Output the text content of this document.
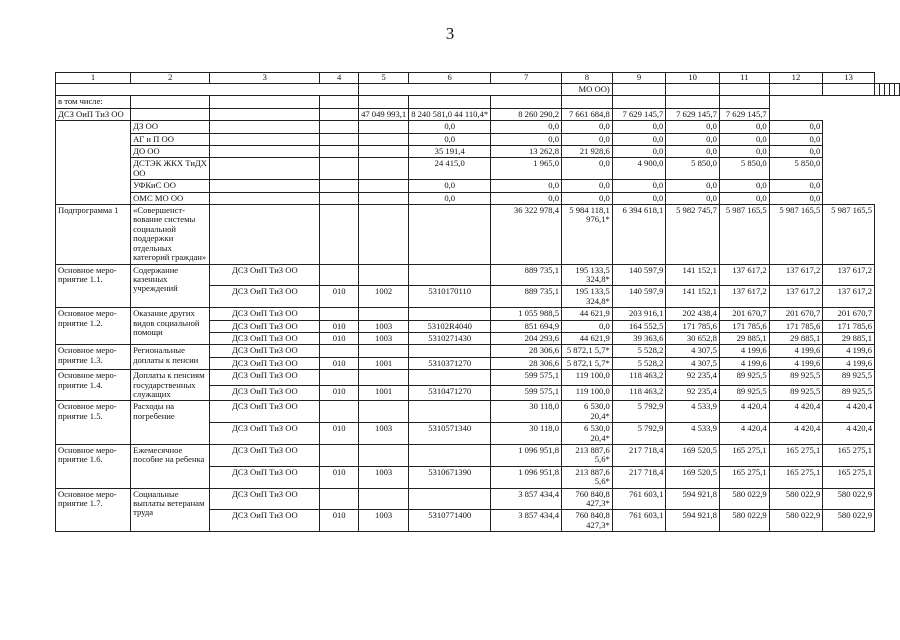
3
1	2	3	4	5	6	7	8	9	10	11	12	13					
							МО ОО)										
в том числе:																	
ДСЗ ОиП ТиЗ ОО				47 049 993,1	8 240 581,0 44 110,4*	8 260 290,2	7 661 684,8	7 629 145,7	7 629 145,7	7 629 145,7							
	ДЗ ОО				0,0	0,0	0,0	0,0	0,0	0,0	0,0						
	АГ и П ОО				0,0	0,0	0,0	0,0	0,0	0,0	0,0						
	ДО ОО				35 191,4	13 262,8	21 928,6	0,0	0,0	0,0	0,0						
	ДСТЭК ЖКХ ТиДХ ОО				24 415,0	1 965,0	0,0	4 900,0	5 850,0	5 850,0	5 850,0						
	УФКиС ОО				0,0	0,0	0,0	0,0	0,0	0,0	0,0						
	ОМС МО ОО				0,0	0,0	0,0	0,0	0,0	0,0	0,0						
Подпрограмма 1	«Совершенст-вование системы социальной поддержки отдельных категорий граждан»					36 322 978,4	5 984 118,1 976,1*	6 394 618,1	5 982 745,7	5 987 165,5	5 987 165,5	5 987 165,5					
Основное меро-приятие 1.1.	Содержание казенных учреждений	ДСЗ ОиП ТиЗ ОО				889 735,1	195 133,5 324,8*	140 597,9	141 152,1	137 617,2	137 617,2	137 617,2					
		ДСЗ ОиП ТиЗ ОО	010	1002	5310170110	889 735,1	195 133,5 324,8*	140 597,9	141 152,1	137 617,2	137 617,2	137 617,2					
Основное меро-приятие 1.2.	Оказание других видов социальной помощи	ДСЗ ОиП ТиЗ ОО				1 055 988,5	44 621,9	203 916,1	202 438,4	201 670,7	201 670,7	201 670,7					
		ДСЗ ОиП ТиЗ ОО	010	1003	53102R4040	851 694,9	0,0	164 552,5	171 785,6	171 785,6	171 785,6	171 785,6					
		ДСЗ ОиП ТиЗ ОО	010	1003	5310271430	204 293,6	44 621,9	39 363,6	30 652,8	29 885,1	29 885,1	29 885,1					
Основное меро-приятие 1.3.	Региональные доплаты к пенсии	ДСЗ ОиП ТиЗ ОО				28 306,6	5 872,1 5,7*	5 528,2	4 307,5	4 199,6	4 199,6	4 199,6					
		ДСЗ ОиП ТиЗ ОО	010	1001	5310371270	28 306,6	5 872,1 5,7*	5 528,2	4 307,5	4 199,6	4 199,6	4 199,6					
Основное меро-приятие 1.4.	Доплаты к пенсиям государственных служащих	ДСЗ ОиП ТиЗ ОО				599 575,1	119 100,0	118 463,2	92 235,4	89 925,5	89 925,5	89 925,5					
		ДСЗ ОиП ТиЗ ОО	010	1001	5310471270	599 575,1	119 100,0	118 463,2	92 235,4	89 925,5	89 925,5	89 925,5					
Основное меро-приятие 1.5.	Расходы на погребение	ДСЗ ОиП ТиЗ ОО				30 118,0	6 530,0 20,4*	5 792,9	4 533,9	4 420,4	4 420,4	4 420,4					
		ДСЗ ОиП ТиЗ ОО	010	1003	5310571340	30 118,0	6 530,0 20,4*	5 792,9	4 533,9	4 420,4	4 420,4	4 420,4					
Основное меро-приятие 1.6.	Ежемесячное пособие на ребенка	ДСЗ ОиП ТиЗ ОО				1 096 951,8	213 887,6 5,6*	217 718,4	169 520,5	165 275,1	165 275,1	165 275,1					
		ДСЗ ОиП ТиЗ ОО	010	1003	5310671390	1 096 951,8	213 887,6 5,6*	217 718,4	169 520,5	165 275,1	165 275,1	165 275,1					
Основное меро-приятие 1.7.	Социальные выплаты ветеранам труда	ДСЗ ОиП ТиЗ ОО				3 857 434,4	760 840,8 427,3*	761 603,1	594 921,8	580 022,9	580 022,9	580 022,9					
		ДСЗ ОиП ТиЗ ОО	010	1003	5310771400	3 857 434,4	760 840,8 427,3*	761 603,1	594 921,8	580 022,9	580 022,9	580 022,9					
